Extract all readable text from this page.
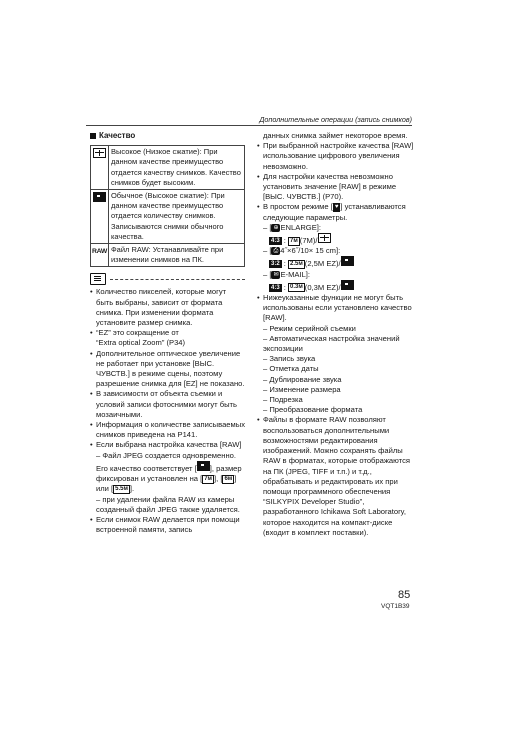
Дополнительные операции (запись снимков)
Качество
	Высокое (Низкое сжатие): При данном качестве преимущество отдается качеству снимков. Качество снимков будет высоким.
	Обычное (Высокое сжатие): При данном качестве преимущество отдается количеству снимков. Записываются снимки обычного качества.
RAW	Файл RAW: Устанавливайте при изменении снимков на ПК.

• Количество пикселей, которые могут быть выбраны, зависит от формата снимка. При изменении формата установите размер снимка.

• “EZ” это сокращение от

“Extra optical Zoom” (P34)

• Дополнительное оптическое увеличение не работает при установке [ВЫС. ЧУВСТВ.] в режиме сцены, поэтому разрешение снимка для [EZ] не показано.

• В зависимости от объекта съемки и условий записи фотоснимки могут быть мозаичными.

• Информация о количестве записываемых снимков приведена на P141.

• Если выбрана настройка качества [RAW]

– Файл JPEG создается одновременно. Его качество соответствует [ ], размер фиксирован и установлен на [ 7м ], [ 6м ] или [ 5.5м ].

– при удалении файла RAW из камеры созданный файл JPEG также удаляется.

• Если снимок RAW делается при помощи встроенной памяти, запись

данных снимка займет некоторое время.

• При выбранной настройке качества [RAW] использование цифрового увеличения невозможно.

• Для настройки качества невозможно установить значение [RAW] в режиме [ВЫС. ЧУВСТВ.] (P70).

• В простом режиме [ ♥ ] устанавливаются следующие параметры.

– [ ⊕ ENLARGE]:

4:3 : 7м (7M)/

– [ ⎙ 4˝×6˝/10× 15 cm]:

3:2 : 2.5м (2,5M EZ)/

– [ ✉ E-MAIL]:

4:3 : 0.3м (0,3M EZ)/

• Нижеуказанные функции не могут быть использованы если установлено качество [RAW].

– Режим серийной съемки

– Автоматическая настройка значений экспозиции

– Запись звука

– Отметка даты

– Дублирование звука

– Изменение размера

– Подрезка

– Преобразование формата

• Файлы в формате RAW позволяют воспользоваться дополнительными возможностями редактирования изображений. Можно сохранять файлы RAW в форматах, которые отображаются на ПК (JPEG, TIFF и т.п.) и т.д., обрабатывать и редактировать их при помощи программного обеспечения “SILKYPIX Developer Studio”, разработанного Ichikawa Soft Laboratory, которое находится на компакт-диске (входит в комплект поставки).

85
VQT1B39
